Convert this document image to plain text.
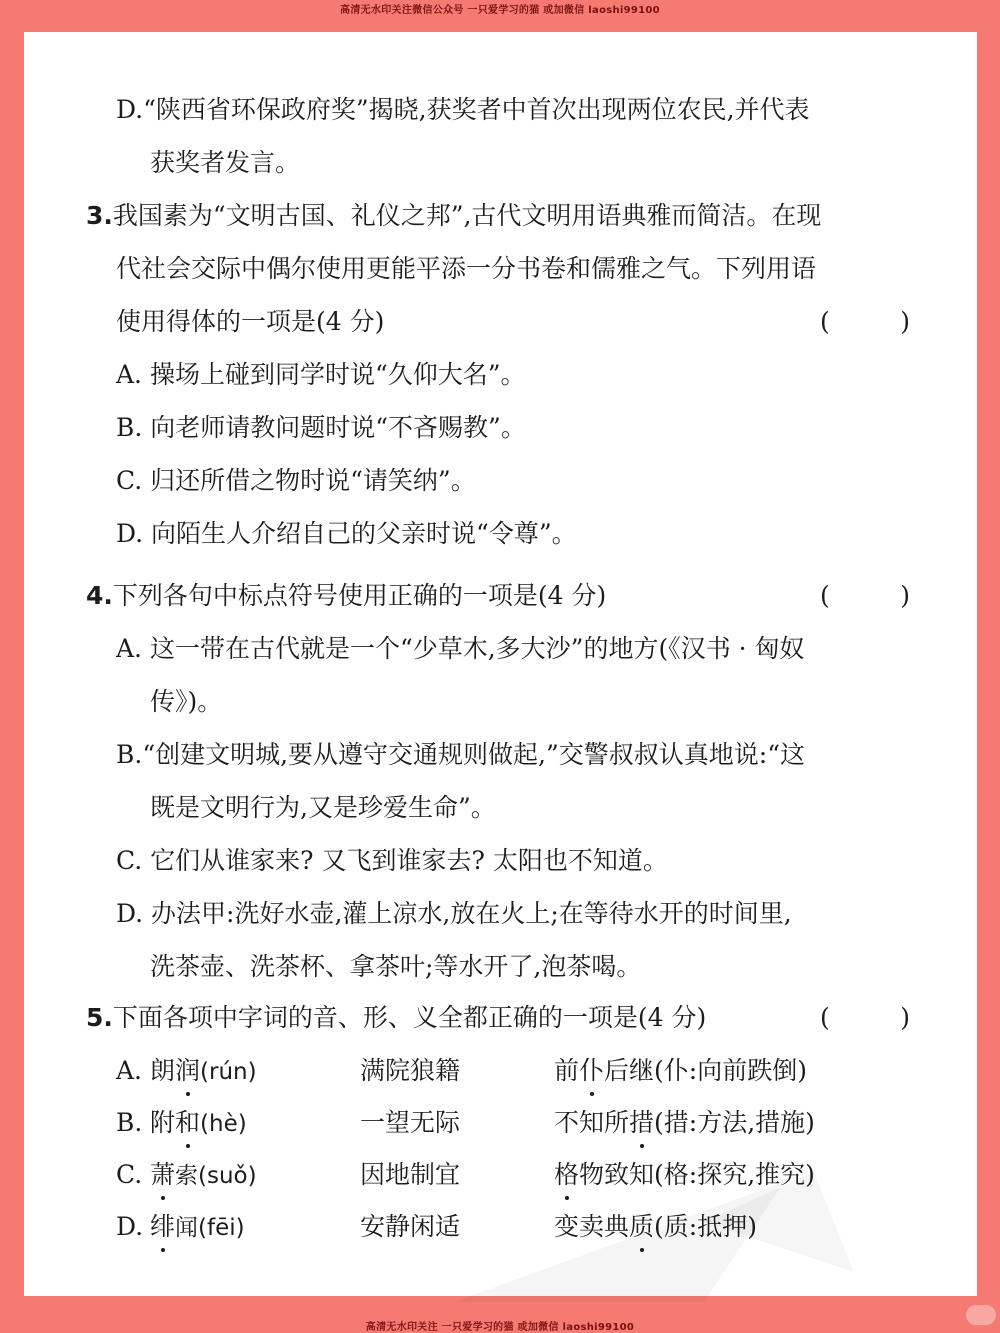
高清无水印关注微信公众号 一只爱学习的猫 或加微信 laoshi99100
D.“陕西省环保政府奖”揭晓,获奖者中首次出现两位农民,并代表
获奖者发言。
3.我国素为“文明古国、礼仪之邦”,古代文明用语典雅而简洁。在现
代社会交际中偶尔使用更能平添一分书卷和儒雅之气。下列用语
使用得体的一项是(4 分)	(	)
A. 操场上碰到同学时说“久仰大名”。
B. 向老师请教问题时说“不吝赐教”。
C. 归还所借之物时说“请笑纳”。
D. 向陌生人介绍自己的父亲时说“令尊”。
4.下列各句中标点符号使用正确的一项是(4 分)	(	)
A. 这一带在古代就是一个“少草木,多大沙”的地方(《汉书 · 匈奴
传》)。
B.“创建文明城,要从遵守交通规则做起,”交警叔叔认真地说:“这
既是文明行为,又是珍爱生命”。
C. 它们从谁家来? 又飞到谁家去? 太阳也不知道。
D. 办法甲:洗好水壶,灌上凉水,放在火上;在等待水开的时间里,
洗茶壶、洗茶杯、拿茶叶;等水开了,泡茶喝。
5.下面各项中字词的音、形、义全都正确的一项是(4 分)	(	)
A. 朗润(rún)	满院狼籍	前仆后继(仆:向前跌倒)
B. 附和(hè)	一望无际	不知所措(措:方法,措施)
C. 萧索(suǒ)	因地制宜	格物致知(格:探究,推究)
D. 绯闻(fēi)	安静闲适	变卖典质(质:抵押)
高清无水印关注 一只爱学习的猫 或加微信 laoshi99100
